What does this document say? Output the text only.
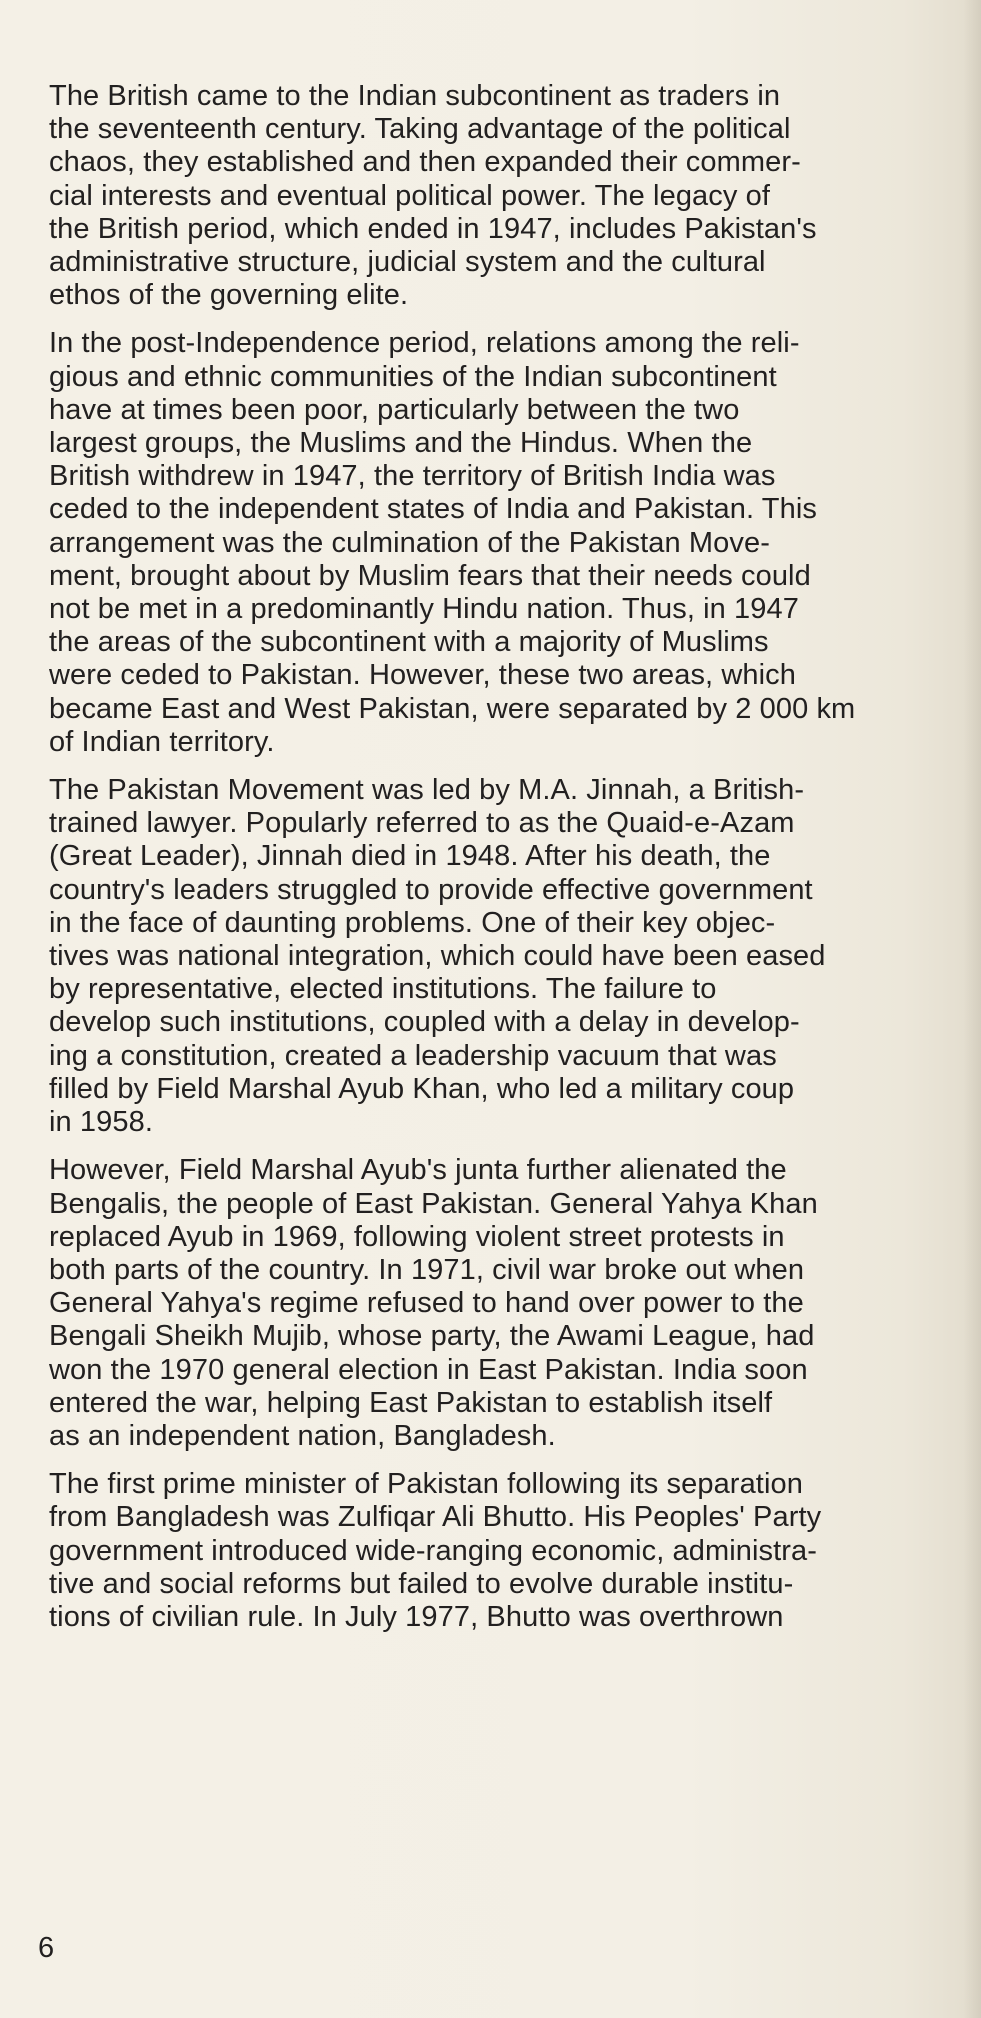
The British came to the Indian subcontinent as traders in
the seventeenth century. Taking advantage of the political
chaos, they established and then expanded their commer-
cial interests and eventual political power. The legacy of
the British period, which ended in 1947, includes Pakistan's
administrative structure, judicial system and the cultural
ethos of the governing elite.

In the post-Independence period, relations among the reli-
gious and ethnic communities of the Indian subcontinent
have at times been poor, particularly between the two
largest groups, the Muslims and the Hindus. When the
British withdrew in 1947, the territory of British India was
ceded to the independent states of India and Pakistan. This
arrangement was the culmination of the Pakistan Move-
ment, brought about by Muslim fears that their needs could
not be met in a predominantly Hindu nation. Thus, in 1947
the areas of the subcontinent with a majority of Muslims
were ceded to Pakistan. However, these two areas, which
became East and West Pakistan, were separated by 2 000 km
of Indian territory.

The Pakistan Movement was led by M.A. Jinnah, a British-
trained lawyer. Popularly referred to as the Quaid-e-Azam
(Great Leader), Jinnah died in 1948. After his death, the
country's leaders struggled to provide effective government
in the face of daunting problems. One of their key objec-
tives was national integration, which could have been eased
by representative, elected institutions. The failure to
develop such institutions, coupled with a delay in develop-
ing a constitution, created a leadership vacuum that was
filled by Field Marshal Ayub Khan, who led a military coup
in 1958.

However, Field Marshal Ayub's junta further alienated the
Bengalis, the people of East Pakistan. General Yahya Khan
replaced Ayub in 1969, following violent street protests in
both parts of the country. In 1971, civil war broke out when
General Yahya's regime refused to hand over power to the
Bengali Sheikh Mujib, whose party, the Awami League, had
won the 1970 general election in East Pakistan. India soon
entered the war, helping East Pakistan to establish itself
as an independent nation, Bangladesh.

The first prime minister of Pakistan following its separation
from Bangladesh was Zulfiqar Ali Bhutto. His Peoples' Party
government introduced wide-ranging economic, administra-
tive and social reforms but failed to evolve durable institu-
tions of civilian rule. In July 1977, Bhutto was overthrown

6
